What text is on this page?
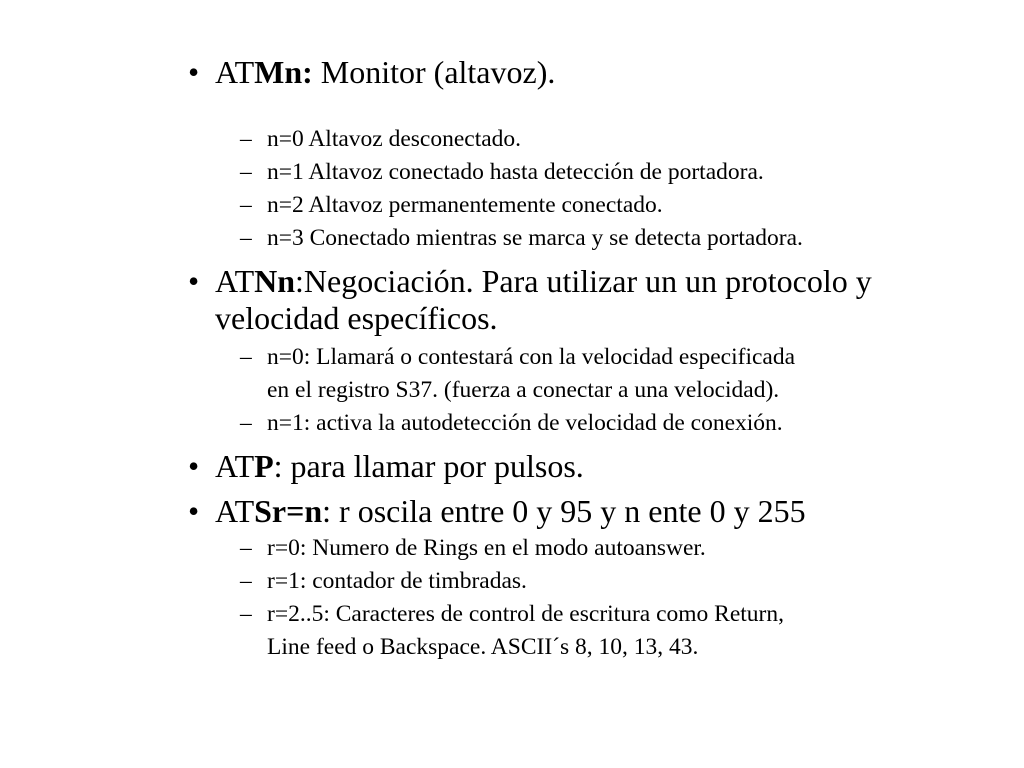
• ATMn: Monitor (altavoz).
– n=0 Altavoz desconectado.
– n=1 Altavoz conectado hasta detección de portadora.
– n=2 Altavoz permanentemente conectado.
– n=3 Conectado mientras se marca y se detecta portadora.
• ATNn:Negociación. Para utilizar un un protocolo y
velocidad específicos.
– n=0: Llamará o contestará con la velocidad especificada
en el registro S37. (fuerza a conectar a una velocidad).
– n=1: activa la autodetección de velocidad de conexión.
• ATP: para llamar por pulsos.
• ATSr=n: r oscila entre 0 y 95 y n ente 0 y 255
– r=0: Numero de Rings en el modo autoanswer.
– r=1: contador de timbradas.
– r=2..5: Caracteres de control de escritura como Return,
Line feed o Backspace. ASCII´s 8, 10, 13, 43.
